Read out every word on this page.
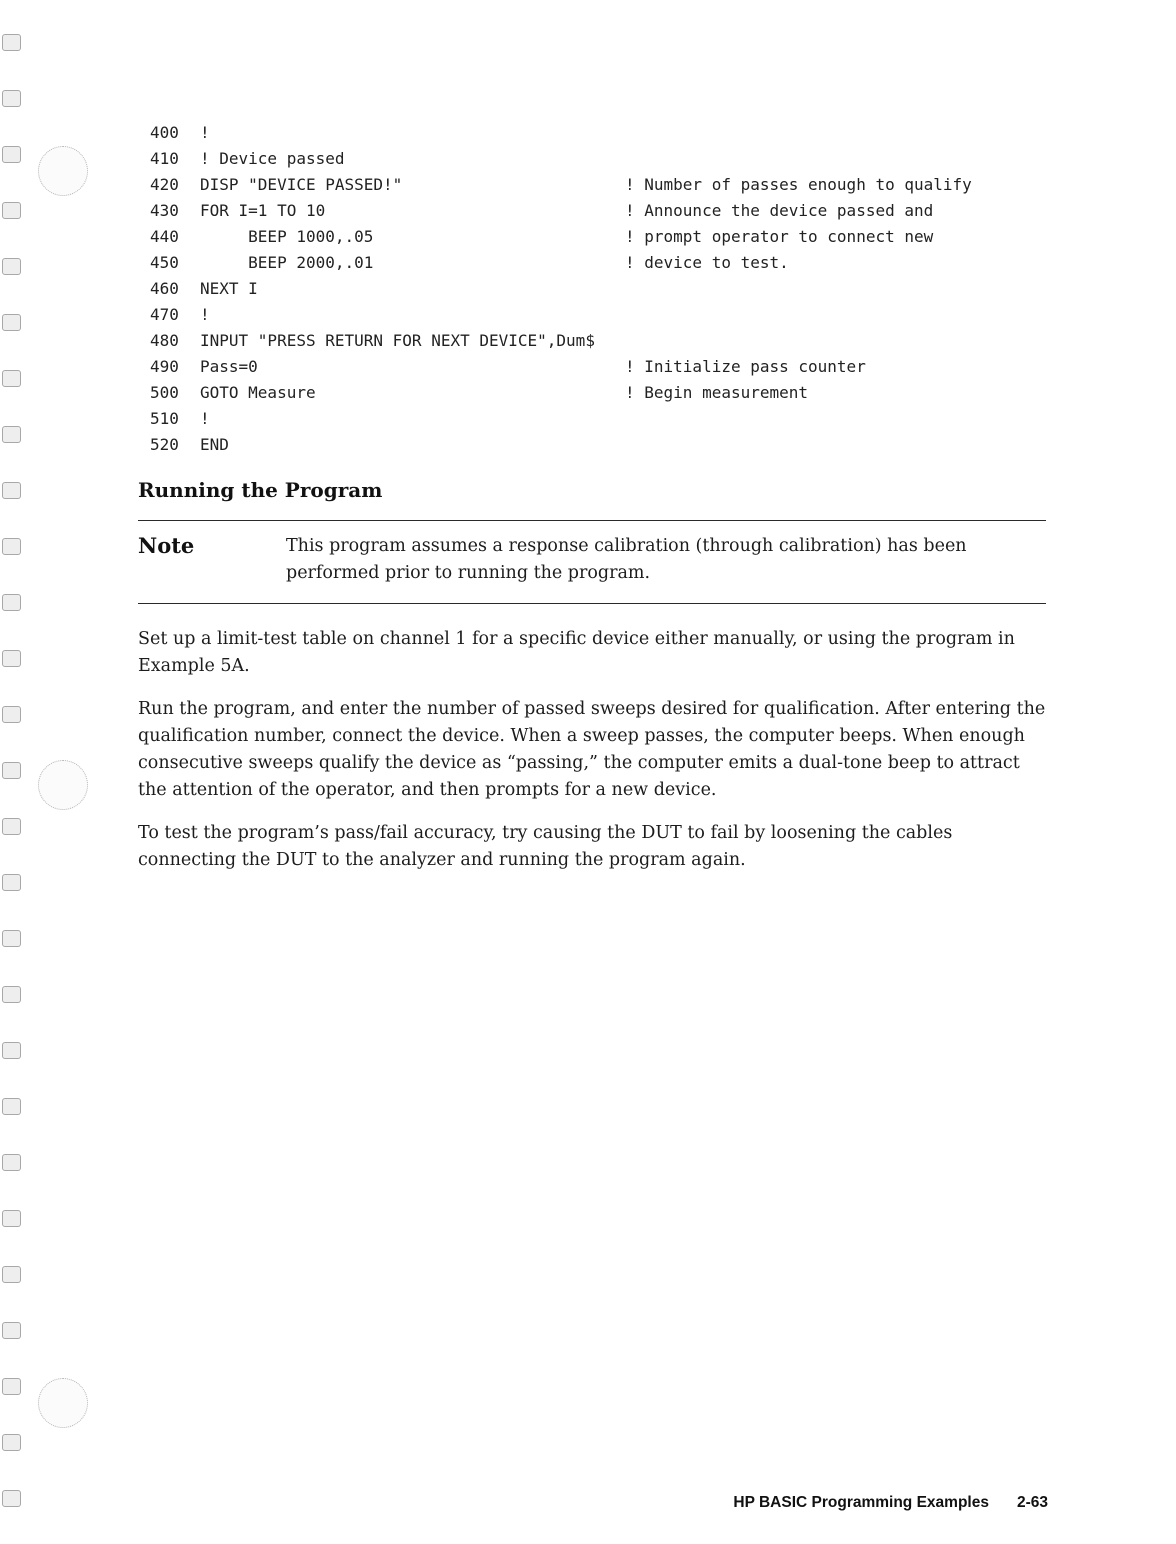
400	!
410	! Device passed
420	DISP "DEVICE PASSED!"	! Number of passes enough to qualify
430	FOR I=1 TO 10	! Announce the device passed and
440	BEEP 1000,.05	! prompt operator to connect new
450	BEEP 2000,.01	! device to test.
460	NEXT I
470	!
480	INPUT "PRESS RETURN FOR NEXT DEVICE",Dum$
490	Pass=0	! Initialize pass counter
500	GOTO Measure	! Begin measurement
510	!
520	END
Running the Program
Note	This program assumes a response calibration (through calibration) has been performed prior to running the program.

Set up a limit-test table on channel 1 for a specific device either manually, or using the program in Example 5A.

Run the program, and enter the number of passed sweeps desired for qualification. After entering the qualification number, connect the device. When a sweep passes, the computer beeps. When enough consecutive sweeps qualify the device as “passing,” the computer emits a dual-tone beep to attract the attention of the operator, and then prompts for a new device.

To test the program’s pass/fail accuracy, try causing the DUT to fail by loosening the cables connecting the DUT to the analyzer and running the program again.

HP BASIC Programming Examples 2-63
